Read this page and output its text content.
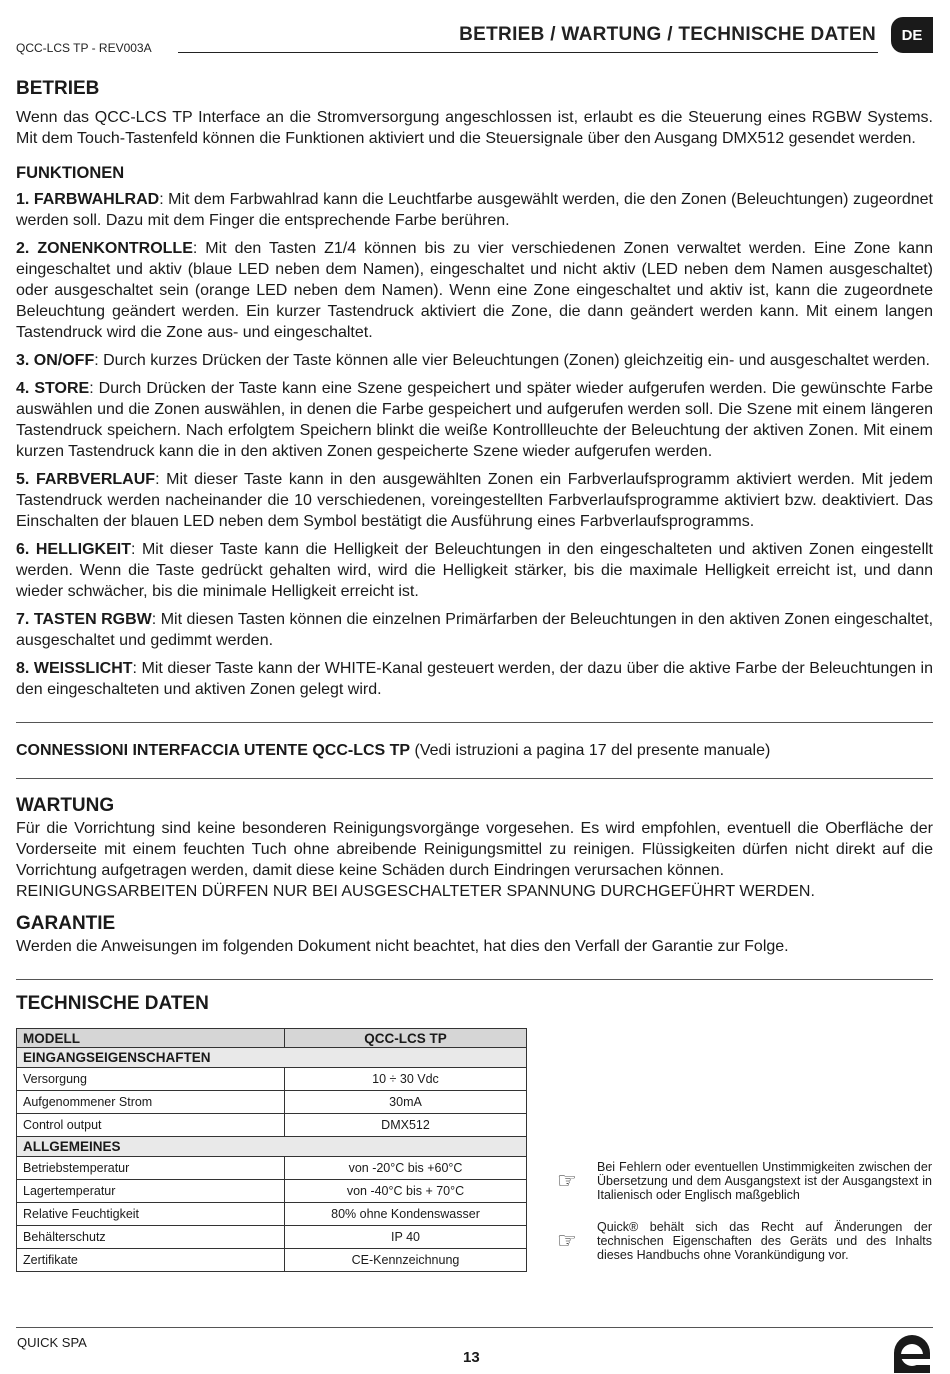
QCC-LCS TP - REV003A
BETRIEB / WARTUNG / TECHNISCHE DATEN	DE
BETRIEB

Wenn das QCC-LCS TP Interface an die Stromversorgung angeschlossen ist, erlaubt es die Steuerung eines RGBW Systems. Mit dem Touch-Tastenfeld können die Funktionen aktiviert und die Steuersignale über den Ausgang DMX512 gesendet werden.

FUNKTIONEN

1. FARBWAHLRAD: Mit dem Farbwahlrad kann die Leuchtfarbe ausgewählt werden, die den Zonen (Beleuchtungen) zugeordnet werden soll. Dazu mit dem Finger die entsprechende Farbe berühren.

2. ZONENKONTROLLE: Mit den Tasten Z1/4 können bis zu vier verschiedenen Zonen verwaltet werden. Eine Zone kann eingeschaltet und aktiv (blaue LED neben dem Namen), eingeschaltet und nicht aktiv (LED neben dem Namen ausgeschaltet) oder ausgeschaltet sein (orange LED neben dem Namen). Wenn eine Zone eingeschaltet und aktiv ist, kann die zugeordnete Beleuchtung geändert werden. Ein kurzer Tastendruck aktiviert die Zone, die dann geändert werden kann. Mit einem langen Tastendruck wird die Zone aus- und eingeschaltet.

3. ON/OFF: Durch kurzes Drücken der Taste können alle vier Beleuchtungen (Zonen) gleichzeitig ein- und ausgeschaltet werden.

4. STORE: Durch Drücken der Taste kann eine Szene gespeichert und später wieder aufgerufen werden. Die gewünschte Farbe auswählen und die Zonen auswählen, in denen die Farbe gespeichert und aufgerufen werden soll. Die Szene mit einem längeren Tastendruck speichern. Nach erfolgtem Speichern blinkt die weiße Kontrollleuchte der Beleuchtung der aktiven Zonen. Mit einem kurzen Tastendruck kann die in den aktiven Zonen gespeicherte Szene wieder aufgerufen werden.

5. FARBVERLAUF: Mit dieser Taste kann in den ausgewählten Zonen ein Farbverlaufsprogramm aktiviert werden. Mit jedem Tastendruck werden nacheinander die 10 verschiedenen, voreingestellten Farbverlaufsprogramme aktiviert bzw. deaktiviert. Das Einschalten der blauen LED neben dem Symbol bestätigt die Ausführung eines Farbverlaufsprogramms.

6. HELLIGKEIT: Mit dieser Taste kann die Helligkeit der Beleuchtungen in den eingeschalteten und aktiven Zonen eingestellt werden. Wenn die Taste gedrückt gehalten wird, wird die Helligkeit stärker, bis die maximale Helligkeit erreicht ist, und dann wieder schwächer, bis die minimale Helligkeit erreicht ist.

7. TASTEN RGBW: Mit diesen Tasten können die einzelnen Primärfarben der Beleuchtungen in den aktiven Zonen eingeschaltet, ausgeschaltet und gedimmt werden.

8. WEISSLICHT: Mit dieser Taste kann der WHITE-Kanal gesteuert werden, der dazu über die aktive Farbe der Beleuchtungen in den eingeschalteten und aktiven Zonen gelegt wird.

CONNESSIONI INTERFACCIA UTENTE QCC-LCS TP (Vedi istruzioni a pagina 17 del presente manuale)
WARTUNG

Für die Vorrichtung sind keine besonderen Reinigungsvorgänge vorgesehen. Es wird empfohlen, eventuell die Oberfläche der Vorderseite mit einem feuchten Tuch ohne abreibende Reinigungsmittel zu reinigen. Flüssigkeiten dürfen nicht direkt auf die Vorrichtung aufgetragen werden, damit diese keine Schäden durch Eindringen verursachen können.

REINIGUNGSARBEITEN DÜRFEN NUR BEI AUSGESCHALTETER SPANNUNG DURCHGEFÜHRT WERDEN.

GARANTIE

Werden die Anweisungen im folgenden Dokument nicht beachtet, hat dies den Verfall der Garantie zur Folge.

TECHNISCHE DATEN
MODELL	QCC-LCS TP
EINGANGSEIGENSCHAFTEN	
Versorgung	10 ÷ 30 Vdc
Aufgenommener Strom	30mA
Control output	DMX512
ALLGEMEINES	
Betriebstemperatur	von -20°C bis +60°C
Lagertemperatur	von -40°C bis + 70°C
Relative Feuchtigkeit	80% ohne Kondenswasser
Behälterschutz	IP 40
Zertifikate	CE-Kennzeichnung
☞

Bei Fehlern oder eventuellen Unstimmigkeiten zwischen der Übersetzung und dem Ausgangstext ist der Ausgangstext in Italienisch oder Englisch maßgeblich

☞

Quick® behält sich das Recht auf Änderungen der technischen Eigenschaften des Geräts und des Inhalts dieses Handbuchs ohne Vorankündigung vor.

QUICK SPA
13
